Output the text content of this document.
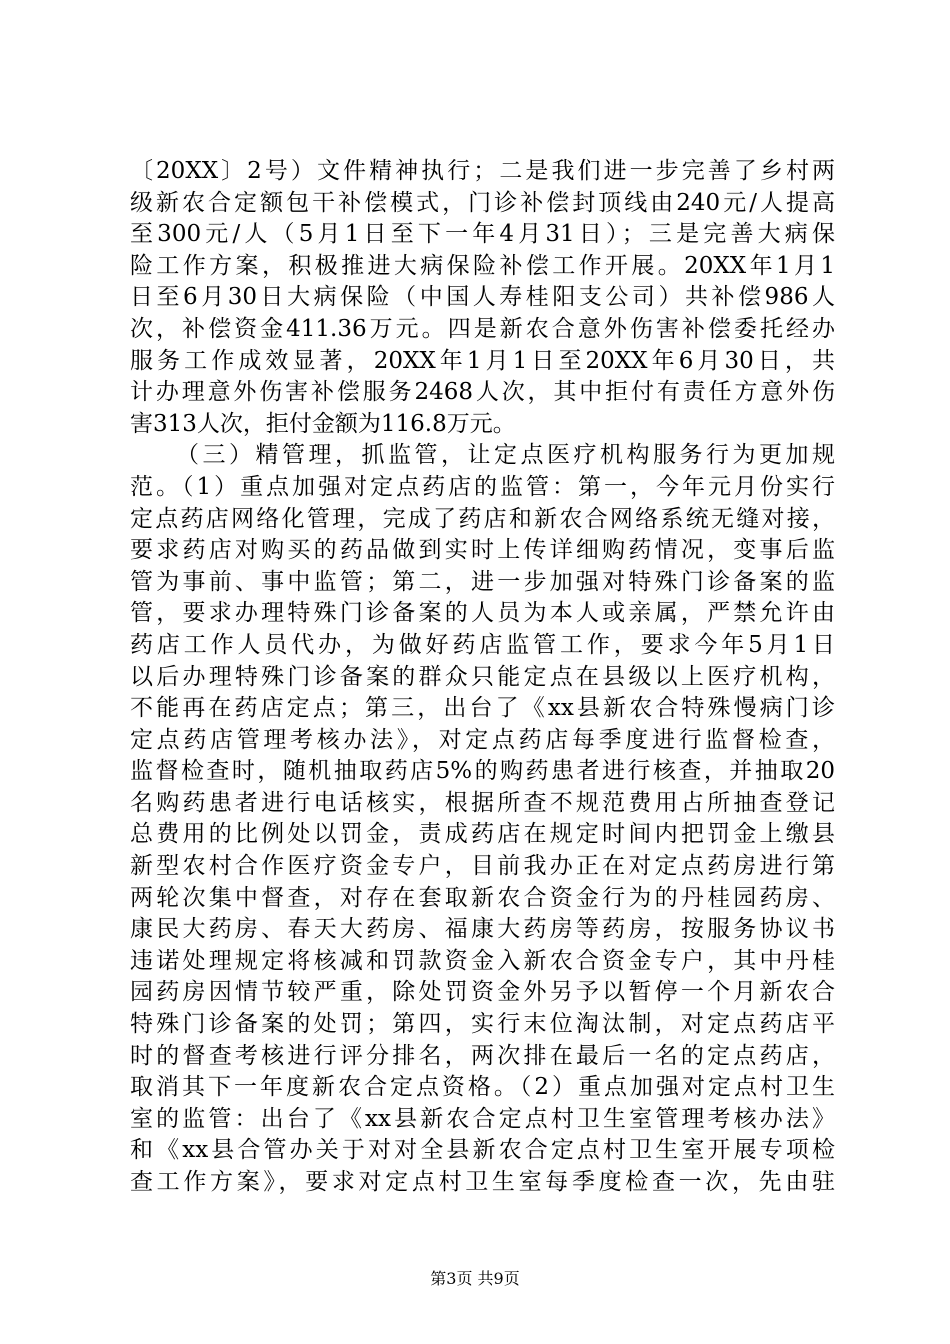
〔20XX〕2号）文件精神执行；二是我们进一步完善了乡村两
级新农合定额包干补偿模式，门诊补偿封顶线由240元/人提高
至300元/人（5月1日至下一年4月31日）；三是完善大病保
险工作方案，积极推进大病保险补偿工作开展。20XX年1月1
日至6月30日大病保险（中国人寿桂阳支公司）共补偿986人
次，补偿资金411.36万元。四是新农合意外伤害补偿委托经办
服务工作成效显著，20XX年1月1日至20XX年6月30日，共
计办理意外伤害补偿服务2468人次，其中拒付有责任方意外伤
害313人次，拒付金额为116.8万元。
（三）精管理，抓监管，让定点医疗机构服务行为更加规
范。（1）重点加强对定点药店的监管：第一，今年元月份实行
定点药店网络化管理，完成了药店和新农合网络系统无缝对接，
要求药店对购买的药品做到实时上传详细购药情况，变事后监
管为事前、事中监管；第二，进一步加强对特殊门诊备案的监
管，要求办理特殊门诊备案的人员为本人或亲属，严禁允许由
药店工作人员代办，为做好药店监管工作，要求今年5月1日
以后办理特殊门诊备案的群众只能定点在县级以上医疗机构，
不能再在药店定点；第三，出台了《xx县新农合特殊慢病门诊
定点药店管理考核办法》，对定点药店每季度进行监督检查，
监督检查时，随机抽取药店5%的购药患者进行核查，并抽取20
名购药患者进行电话核实，根据所查不规范费用占所抽查登记
总费用的比例处以罚金，责成药店在规定时间内把罚金上缴县
新型农村合作医疗资金专户，目前我办正在对定点药房进行第
两轮次集中督查，对存在套取新农合资金行为的丹桂园药房、
康民大药房、春天大药房、福康大药房等药房，按服务协议书
违诺处理规定将核减和罚款资金入新农合资金专户，其中丹桂
园药房因情节较严重，除处罚资金外另予以暂停一个月新农合
特殊门诊备案的处罚；第四，实行末位淘汰制，对定点药店平
时的督查考核进行评分排名，两次排在最后一名的定点药店，
取消其下一年度新农合定点资格。（2）重点加强对定点村卫生
室的监管：出台了《xx县新农合定点村卫生室管理考核办法》
和《xx县合管办关于对对全县新农合定点村卫生室开展专项检
查工作方案》，要求对定点村卫生室每季度检查一次，先由驻
第3页 共9页
